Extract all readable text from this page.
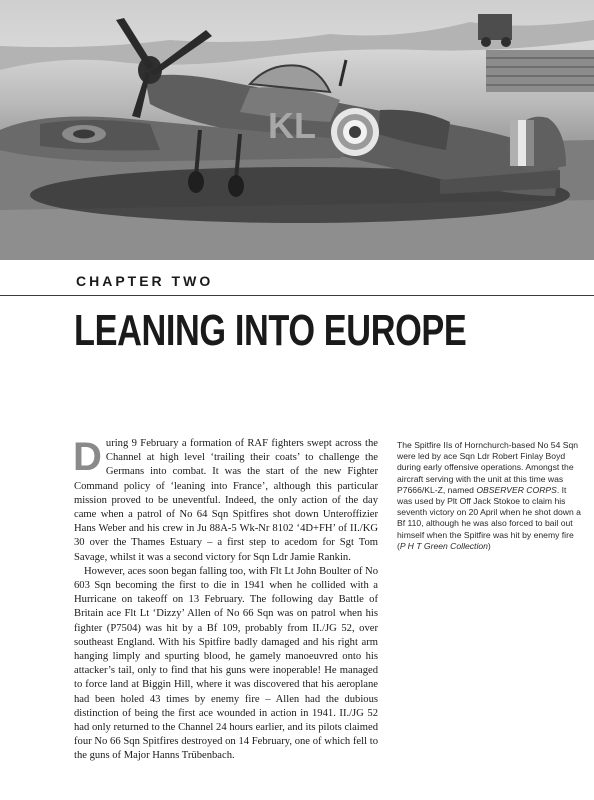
KL
CHAPTER TWO
LEANING INTO EUROPE

During 9 February a formation of RAF fighters swept across the Channel at high level ‘trailing their coats’ to challenge the Germans into combat. It was the start of the new Fighter Command policy of ‘leaning into France’, although this particular mission proved to be uneventful. Indeed, the only action of the day came when a patrol of No 64 Sqn Spitfires shot down Unteroffizier Hans Weber and his crew in Ju 88A-5 Wk-Nr 8102 ‘4D+FH’ of II./KG 30 over the Thames Estuary – a first step to acedom for Sgt Tom Savage, whilst it was a second victory for Sqn Ldr Jamie Rankin.

However, aces soon began falling too, with Flt Lt John Boulter of No 603 Sqn becoming the first to die in 1941 when he collided with a Hurricane on takeoff on 13 February. The following day Battle of Britain ace Flt Lt ‘Dizzy’ Allen of No 66 Sqn was on patrol when his fighter (P7504) was hit by a Bf 109, probably from II./JG 52, over southeast England. With his Spitfire badly damaged and his right arm hanging limply and spurting blood, he gamely manoeuvred onto his attacker’s tail, only to find that his guns were inoperable! He managed to force land at Biggin Hill, where it was discovered that his aeroplane had been holed 43 times by enemy fire – Allen had the dubious distinction of being the first ace wounded in action in 1941. II./JG 52 had only returned to the Channel 24 hours earlier, and its pilots claimed four No 66 Sqn Spitfires destroyed on 14 February, one of which fell to the guns of Major Hanns Trübenbach.

The Spitfire IIs of Hornchurch-based No 54 Sqn were led by ace Sqn Ldr Robert Finlay Boyd during early offensive operations. Amongst the aircraft serving with the unit at this time was P7666/KL-Z, named OBSERVER CORPS. It was used by Plt Off Jack Stokoe to claim his seventh victory on 20 April when he shot down a Bf 110, although he was also forced to bail out himself when the Spitfire was hit by enemy fire (P H T Green Collection)
